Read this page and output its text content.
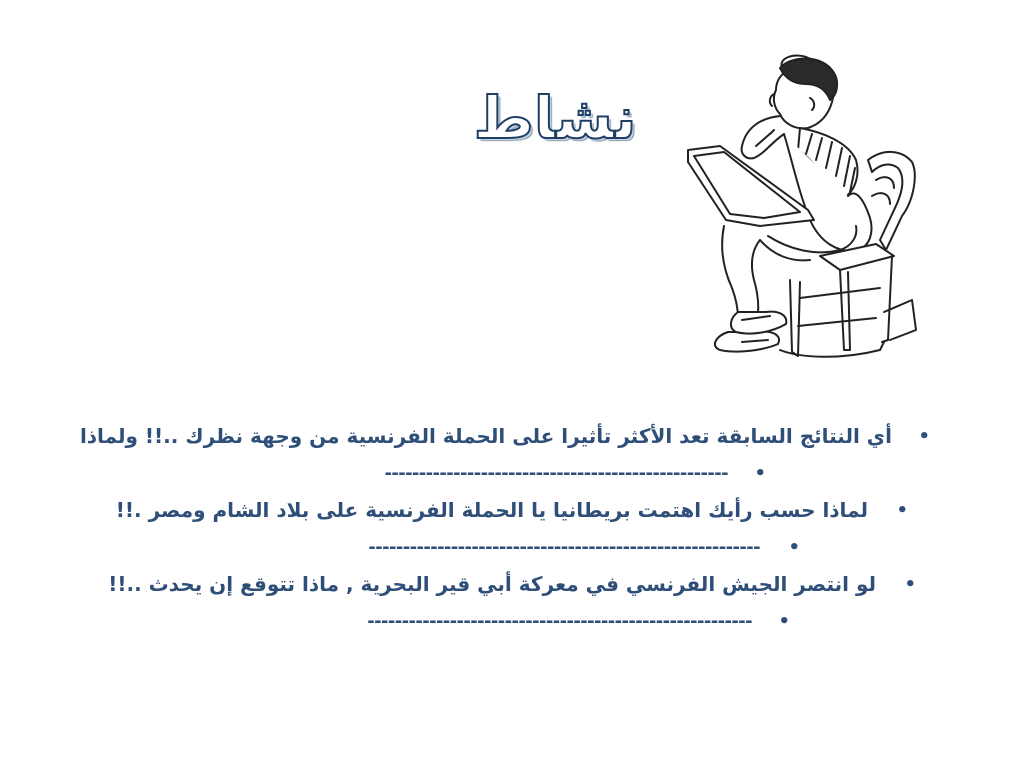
نشاط
•
أي النتائج السابقة تعد الأكثر تأثيرا على الحملة الفرنسية من وجهة نظرك ..!! ولماذا
•
--------------------------------------------------
•
لماذا حسب رأيك اهتمت بريطانيا يا الحملة الفرنسية على بلاد الشام ومصر .!!
•
---------------------------------------------------------
•
لو انتصر الجيش الفرنسي في معركة أبي قير البحرية , ماذا تتوقع إن يحدث ..!!
•
--------------------------------------------------------
